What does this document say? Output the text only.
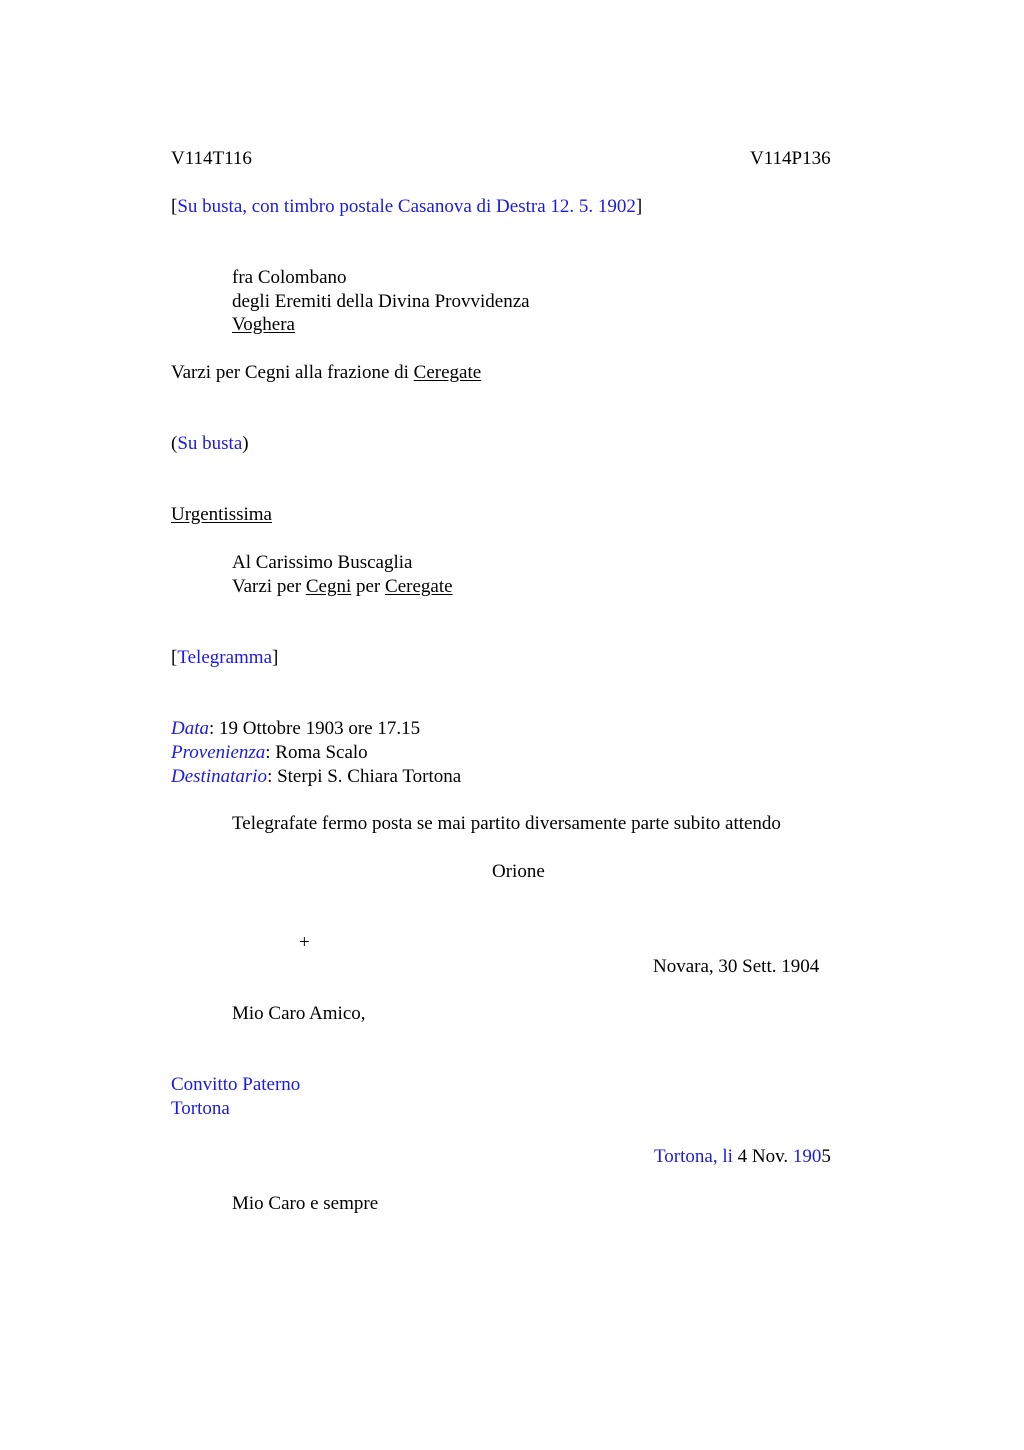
V114T116	V114P136
[Su busta, con timbro postale Casanova di Destra 12. 5. 1902]
fra Colombano
degli Eremiti della Divina Provvidenza
Voghera
Varzi per Cegni alla frazione di Ceregate
(Su busta)
Urgentissima
Al Carissimo Buscaglia
Varzi per Cegni per Ceregate
[Telegramma]
Data: 19 Ottobre 1903 ore 17.15
Provenienza: Roma Scalo
Destinatario: Sterpi S. Chiara Tortona
Telegrafate fermo posta se mai partito diversamente parte subito attendo
Orione
+
Novara, 30 Sett. 1904
Mio Caro Amico,
Convitto Paterno
Tortona
Tortona, li 4 Nov. 1905
Mio Caro e sempre
